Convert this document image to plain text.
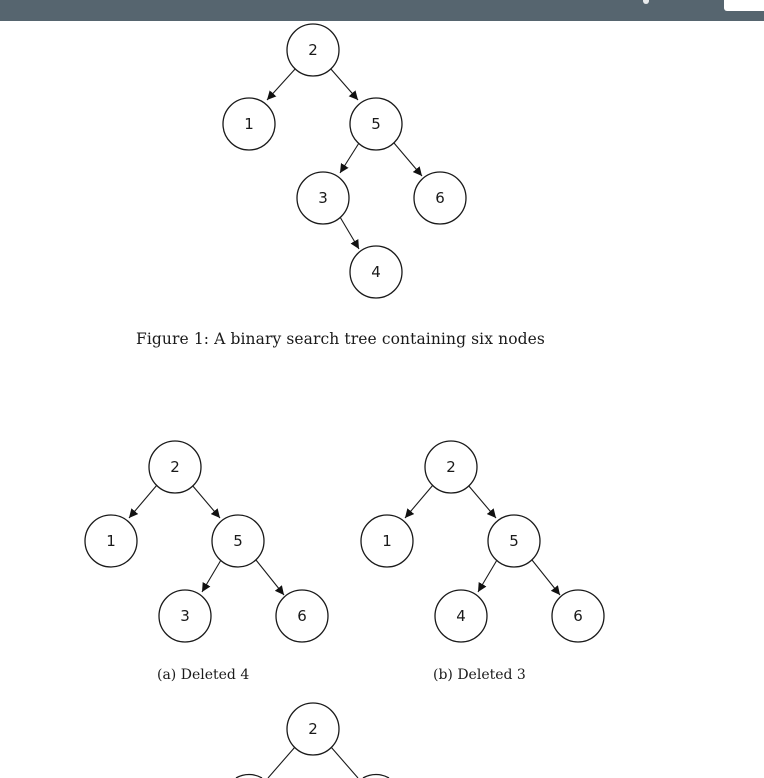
2
1	5
3	6
4
2
1	5
3	6
2
1	5
4	6
2
Figure 1: A binary search tree containing six nodes
(a) Deleted 4	(b) Deleted 3
